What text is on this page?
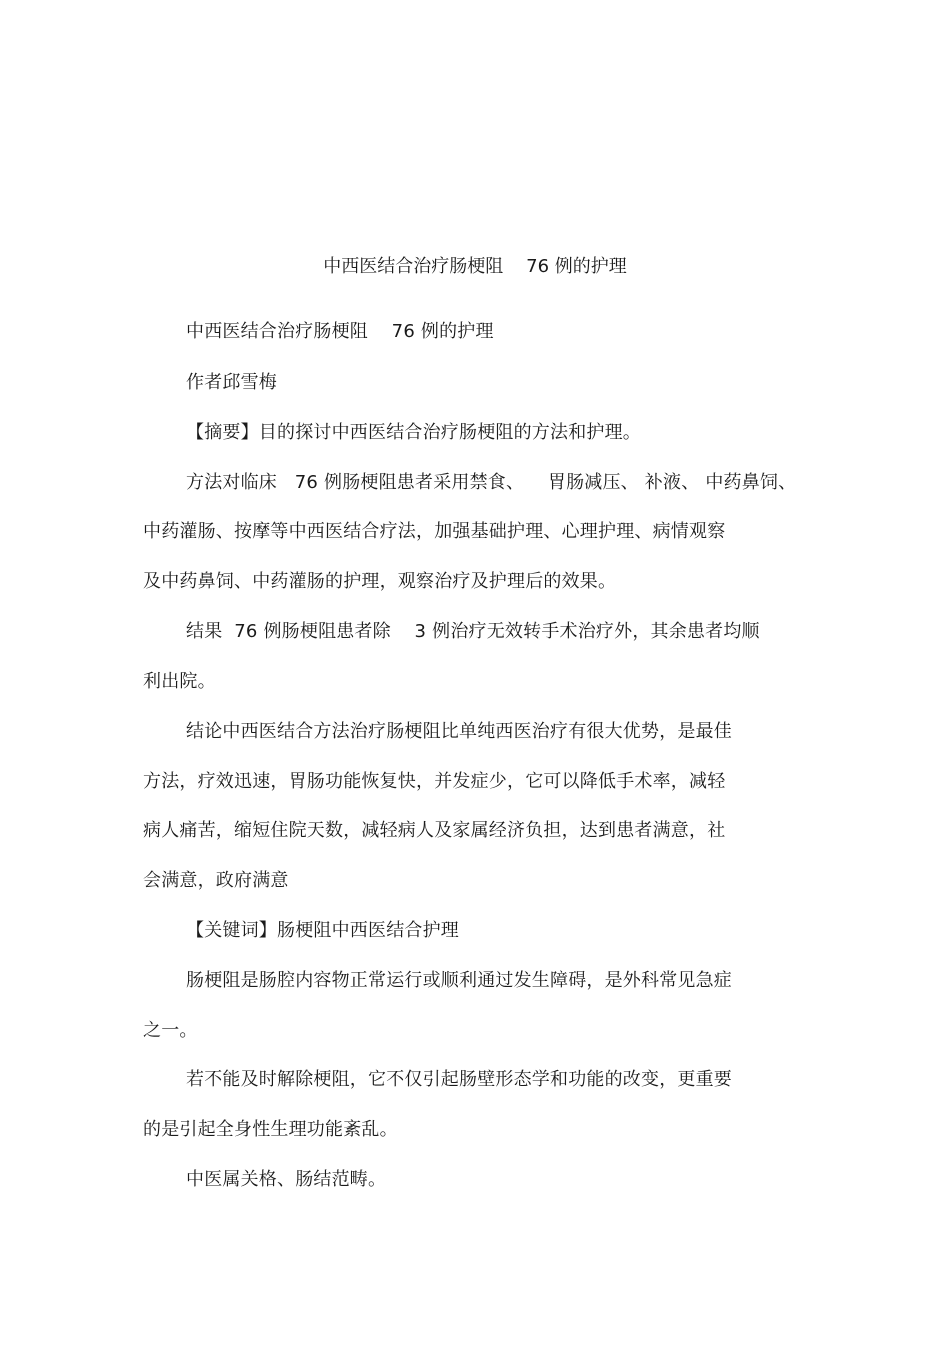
中西医结合治疗肠梗阻    76 例的护理
中西医结合治疗肠梗阻    76 例的护理
作者邱雪梅
【摘要】目的探讨中西医结合治疗肠梗阻的方法和护理。
方法对临床   76 例肠梗阻患者采用禁食、    胃肠减压、 补液、 中药鼻饲、
中药灌肠、按摩等中西医结合疗法，加强基础护理、心理护理、病情观察
及中药鼻饲、中药灌肠的护理，观察治疗及护理后的效果。
结果  76 例肠梗阻患者除    3 例治疗无效转手术治疗外，其余患者均顺
利出院。
结论中西医结合方法治疗肠梗阻比单纯西医治疗有很大优势，是最佳
方法，疗效迅速，胃肠功能恢复快，并发症少，它可以降低手术率，减轻
病人痛苦，缩短住院天数，减轻病人及家属经济负担，达到患者满意，社
会满意，政府满意
【关键词】肠梗阻中西医结合护理
肠梗阻是肠腔内容物正常运行或顺利通过发生障碍，是外科常见急症
之一。
若不能及时解除梗阻，它不仅引起肠壁形态学和功能的改变，更重要
的是引起全身性生理功能紊乱。
中医属关格、肠结范畴。
